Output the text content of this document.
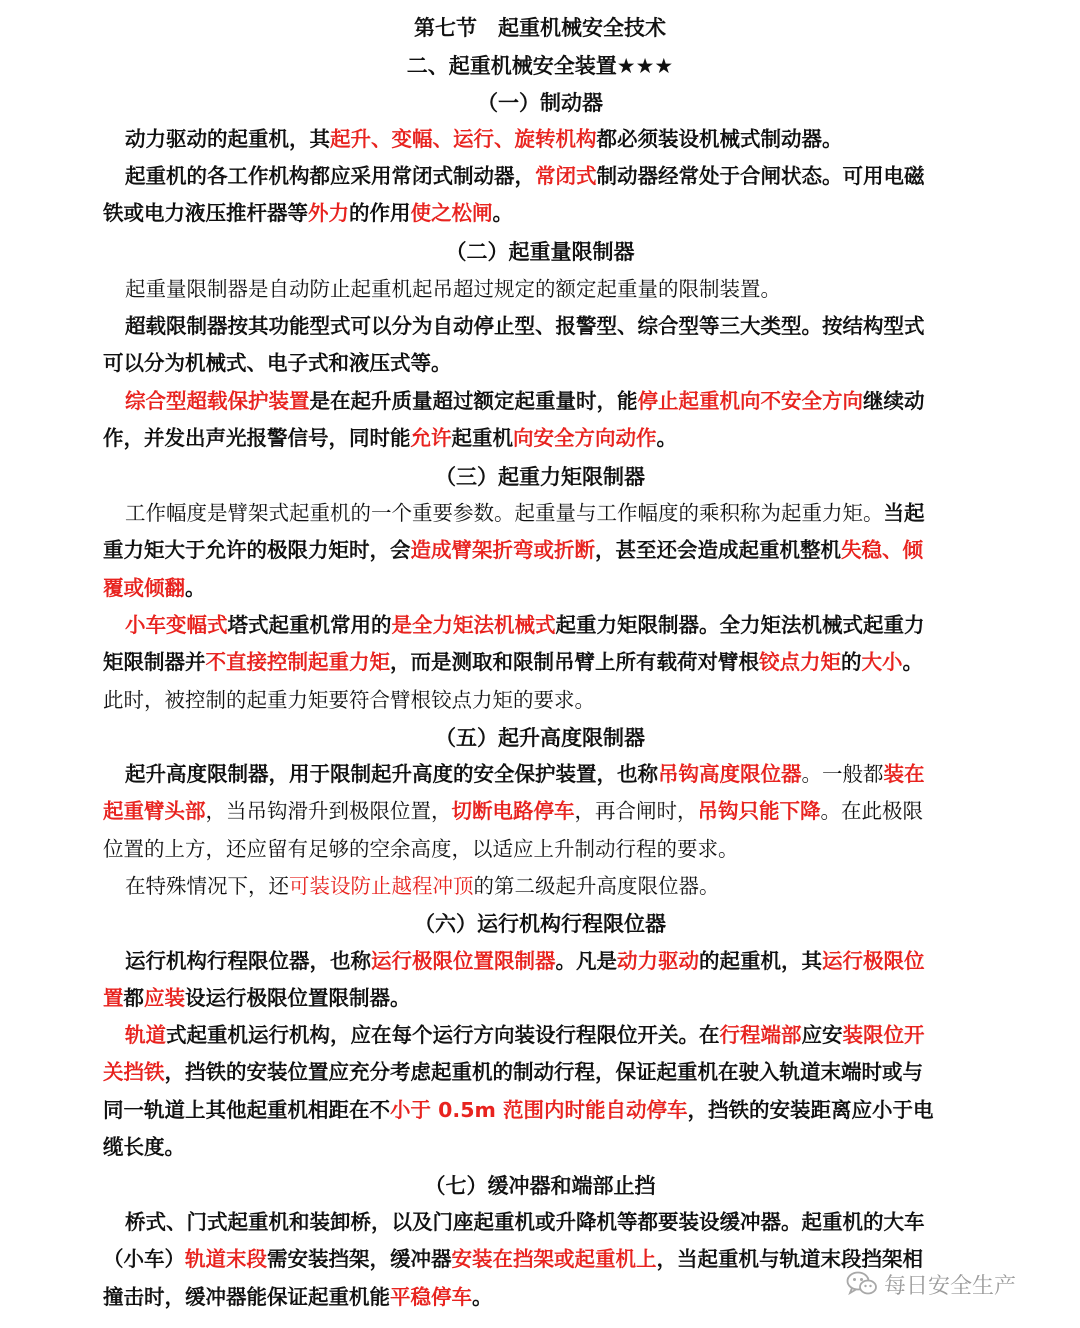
第七节　起重机械安全技术
二、起重机械安全装置★★★
（一）制动器
动力驱动的起重机，其起升、变幅、运行、旋转机构都必须装设机械式制动器。
起重机的各工作机构都应采用常闭式制动器，常闭式制动器经常处于合闸状态。可用电磁
铁或电力液压推杆器等外力的作用使之松闸。
（二）起重量限制器
起重量限制器是自动防止起重机起吊超过规定的额定起重量的限制装置。
超载限制器按其功能型式可以分为自动停止型、报警型、综合型等三大类型。按结构型式
可以分为机械式、电子式和液压式等。
综合型超载保护装置是在起升质量超过额定起重量时，能停止起重机向不安全方向继续动
作，并发出声光报警信号，同时能允许起重机向安全方向动作。
（三）起重力矩限制器
工作幅度是臂架式起重机的一个重要参数。起重量与工作幅度的乘积称为起重力矩。当起
重力矩大于允许的极限力矩时，会造成臂架折弯或折断，甚至还会造成起重机整机失稳、倾
覆或倾翻。
小车变幅式塔式起重机常用的是全力矩法机械式起重力矩限制器。全力矩法机械式起重力
矩限制器并不直接控制起重力矩，而是测取和限制吊臂上所有载荷对臂根铰点力矩的大小。
此时，被控制的起重力矩要符合臂根铰点力矩的要求。
（五）起升高度限制器
起升高度限制器，用于限制起升高度的安全保护装置，也称吊钩高度限位器。一般都装在
起重臂头部，当吊钩滑升到极限位置，切断电路停车，再合闸时，吊钩只能下降。在此极限
位置的上方，还应留有足够的空余高度，以适应上升制动行程的要求。
在特殊情况下，还可装设防止越程冲顶的第二级起升高度限位器。
（六）运行机构行程限位器
运行机构行程限位器，也称运行极限位置限制器。凡是动力驱动的起重机，其运行极限位
置都应装设运行极限位置限制器。
轨道式起重机运行机构，应在每个运行方向装设行程限位开关。在行程端部应安装限位开
关挡铁，挡铁的安装位置应充分考虑起重机的制动行程，保证起重机在驶入轨道末端时或与
同一轨道上其他起重机相距在不小于 0.5m 范围内时能自动停车，挡铁的安装距离应小于电
缆长度。
（七）缓冲器和端部止挡
桥式、门式起重机和装卸桥，以及门座起重机或升降机等都要装设缓冲器。起重机的大车
（小车）轨道末段需安装挡架，缓冲器安装在挡架或起重机上，当起重机与轨道末段挡架相
撞击时，缓冲器能保证起重机能平稳停车。	每日安全生产
